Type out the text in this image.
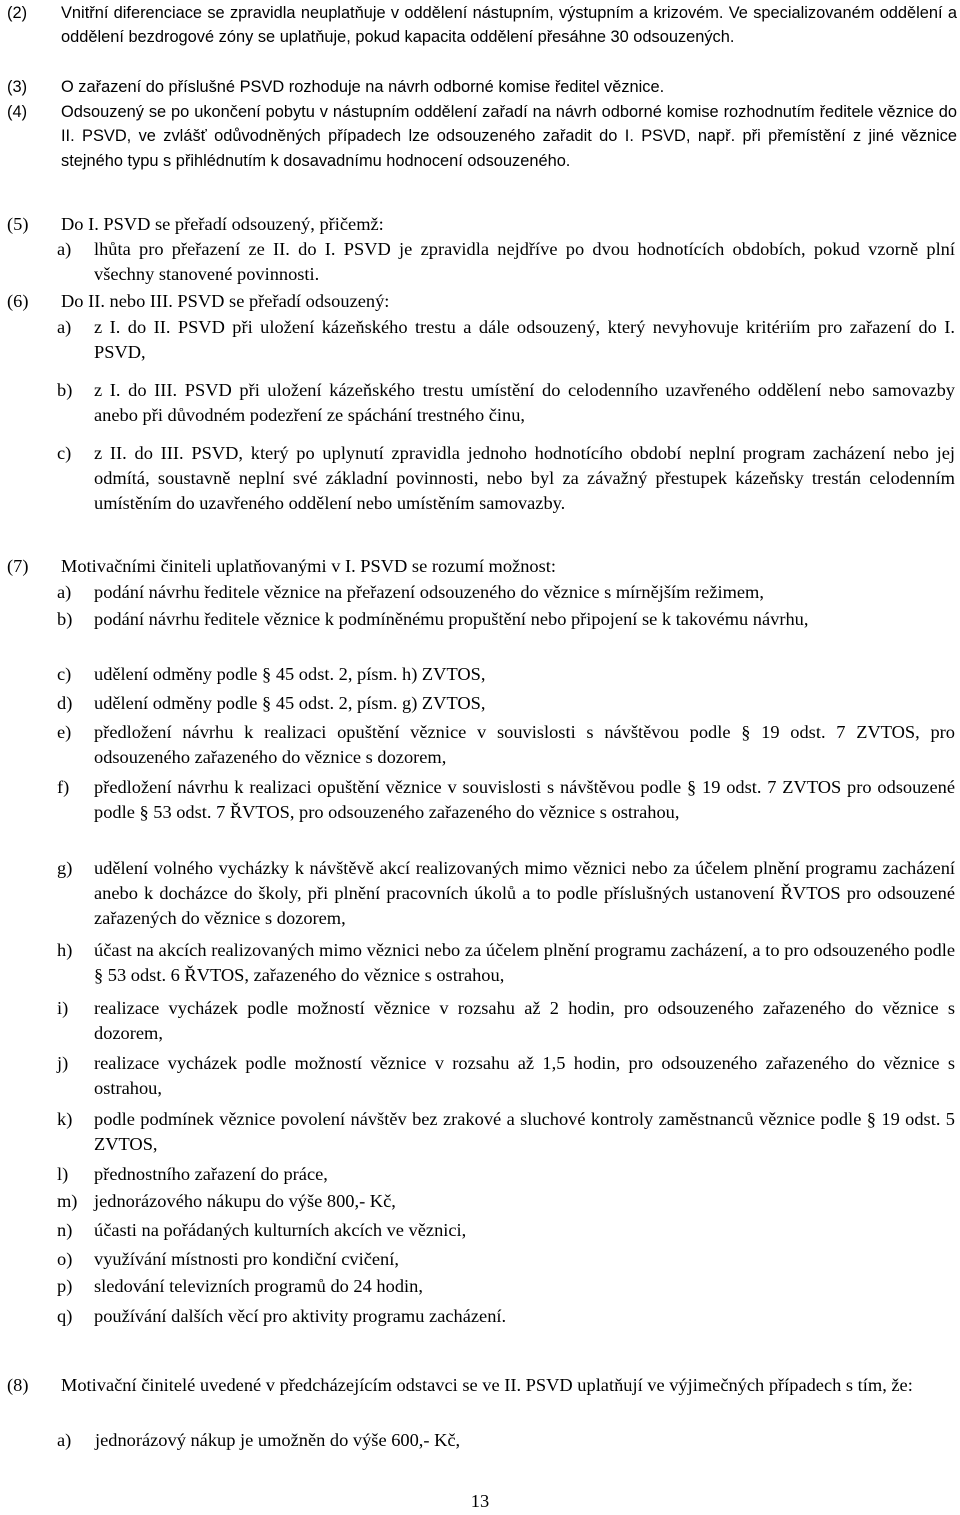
(2)	Vnitřní diferenciace se zpravidla neuplatňuje v oddělení nástupním, výstupním a krizovém. Ve specializovaném oddělení a oddělení bezdrogové zóny se uplatňuje, pokud kapacita oddělení přesáhne 30 odsouzených.
(3)	O zařazení do příslušné PSVD rozhoduje na návrh odborné komise ředitel věznice.
(4)	Odsouzený se po ukončení pobytu v nástupním oddělení zařadí na návrh odborné komise rozhodnutím ředitele věznice do II. PSVD, ve zvlášť odůvodněných případech lze odsouzeného zařadit do I. PSVD, např. při přemístění z jiné věznice stejného typu s přihlédnutím k dosavadnímu hodnocení odsouzeného.
(5)	Do I. PSVD se přeřadí odsouzený, přičemž:
a)	lhůta pro přeřazení ze II. do I. PSVD je zpravidla nejdříve po dvou hodnotících obdobích, pokud vzorně plní všechny stanovené povinnosti.
(6)	Do II. nebo III. PSVD se přeřadí odsouzený:
a)	z I. do II. PSVD při uložení kázeňského trestu a dále odsouzený, který nevyhovuje kritériím pro zařazení do I. PSVD,
b)	z I. do III. PSVD při uložení kázeňského trestu umístění do celodenního uzavřeného oddělení nebo samovazby anebo při důvodném podezření ze spáchání trestného činu,
c)	z II. do III. PSVD, který po uplynutí zpravidla jednoho hodnotícího období neplní program zacházení nebo jej odmítá, soustavně neplní své základní povinnosti, nebo byl za závažný přestupek kázeňsky trestán celodenním umístěním do uzavřeného oddělení nebo umístěním samovazby.
(7)	Motivačními činiteli uplatňovanými v I. PSVD se rozumí možnost:
a)	podání návrhu ředitele věznice na přeřazení odsouzeného do věznice s mírnějším režimem,
b)	podání návrhu ředitele věznice k podmíněnému propuštění nebo připojení se k takovému návrhu,
c)	udělení odměny podle § 45 odst. 2, písm. h) ZVTOS,
d)	udělení odměny podle § 45 odst. 2, písm. g) ZVTOS,
e)	předložení návrhu k realizaci opuštění věznice v souvislosti s návštěvou podle § 19 odst. 7 ZVTOS, pro odsouzeného zařazeného do věznice s dozorem,
f)	předložení návrhu k realizaci opuštění věznice v souvislosti s návštěvou podle § 19 odst. 7 ZVTOS pro odsouzené podle § 53 odst. 7 ŘVTOS, pro odsouzeného zařazeného do věznice s ostrahou,
g)	udělení volného vycházky k návštěvě akcí realizovaných mimo věznici nebo za účelem plnění programu zacházení anebo k docházce do školy, při plnění pracovních úkolů a to podle příslušných ustanovení ŘVTOS pro odsouzené zařazených do věznice s dozorem,
h)	účast na akcích realizovaných mimo věznici nebo za účelem plnění programu zacházení, a to pro odsouzeného podle § 53 odst. 6 ŘVTOS, zařazeného do věznice s ostrahou,
i)	realizace vycházek podle možností věznice v rozsahu až 2 hodin, pro odsouzeného zařazeného do věznice s dozorem,
j)	realizace vycházek podle možností věznice v rozsahu až 1,5 hodin, pro odsouzeného zařazeného do věznice s ostrahou,
k)	podle podmínek věznice povolení návštěv bez zrakové a sluchové kontroly zaměstnanců věznice podle § 19 odst. 5 ZVTOS,
l)	přednostního zařazení do práce,
m) jednorázového nákupu do výše 800,- Kč,
n)	účasti na pořádaných kulturních akcích ve věznici,
o)	využívání místnosti pro kondiční cvičení,
p)	sledování televizních programů do 24 hodin,
q)	používání dalších věcí pro aktivity programu zacházení.
(8)	Motivační činitelé uvedené v předcházejícím odstavci se ve II. PSVD uplatňují ve výjimečných případech s tím, že:
a)	jednorázový nákup je umožněn do výše 600,- Kč,
13
